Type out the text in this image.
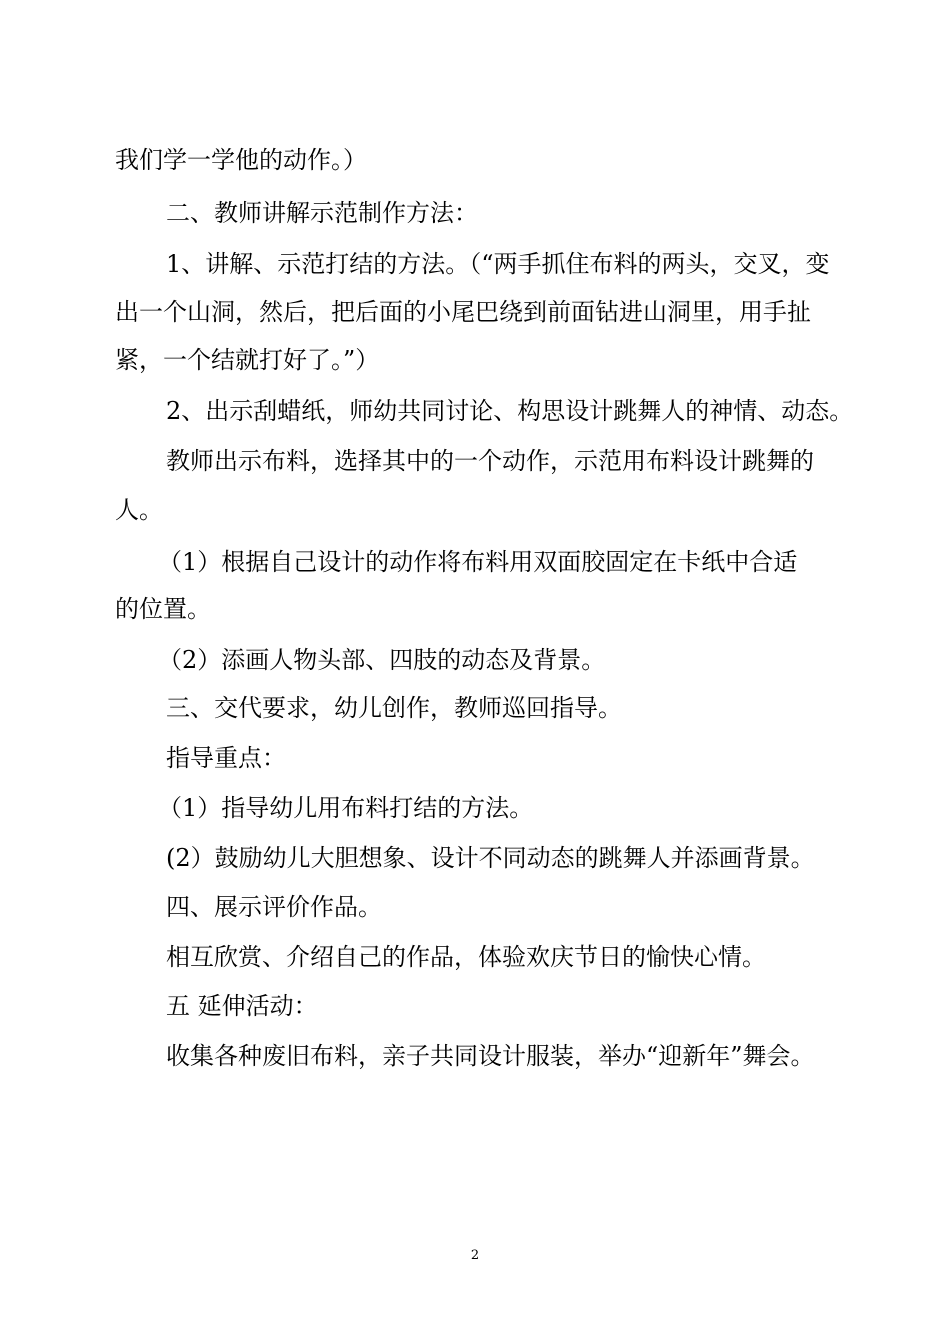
我们学一学他的动作。）
二、教师讲解示范制作方法：
1、讲解、示范打结的方法。（“两手抓住布料的两头，交叉，变
出一个山洞，然后，把后面的小尾巴绕到前面钻进山洞里，用手扯
紧，一个结就打好了。”）
2、出示刮蜡纸，师幼共同讨论、构思设计跳舞人的神情、动态。
教师出示布料，选择其中的一个动作，示范用布料设计跳舞的
人。
（1）根据自己设计的动作将布料用双面胶固定在卡纸中合适
的位置。
（2）添画人物头部、四肢的动态及背景。
三、交代要求，幼儿创作，教师巡回指导。
指导重点：
（1）指导幼儿用布料打结的方法。
(2）鼓励幼儿大胆想象、设计不同动态的跳舞人并添画背景。
四、展示评价作品。
相互欣赏、介绍自己的作品，体验欢庆节日的愉快心情。
五 延伸活动：
收集各种废旧布料，亲子共同设计服装，举办“迎新年”舞会。
2
